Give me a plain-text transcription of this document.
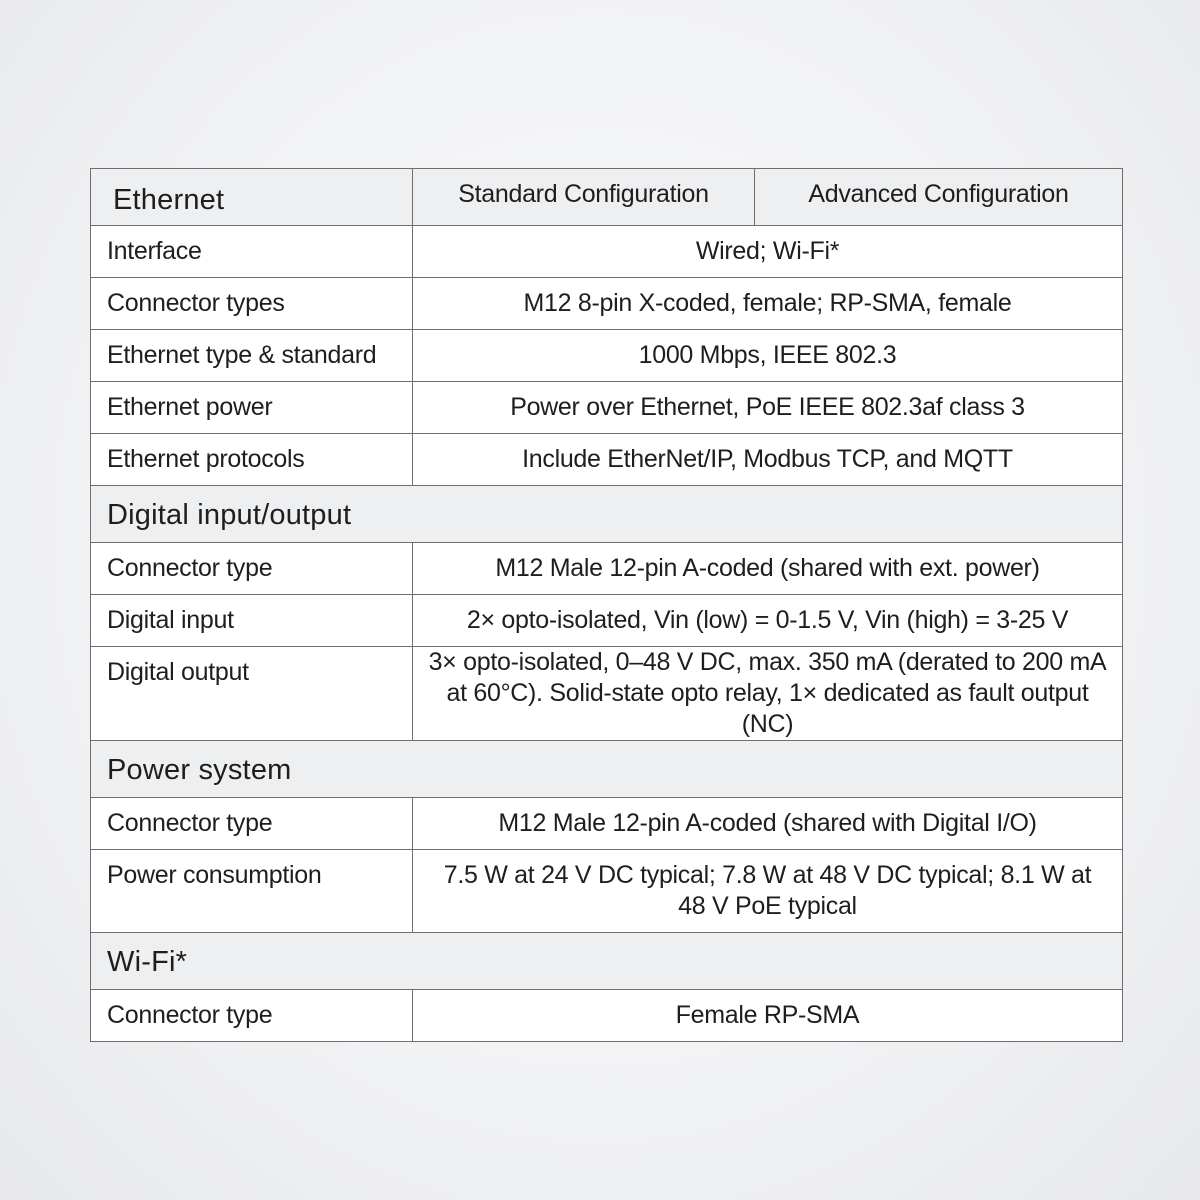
Ethernet	Standard Configuration	Advanced Configuration
Interface	Wired; Wi-Fi*	
Connector types	M12 8-pin X-coded, female; RP-SMA, female	
Ethernet type & standard	1000 Mbps, IEEE 802.3	
Ethernet power	Power over Ethernet, PoE IEEE 802.3af class 3	
Ethernet protocols	Include EtherNet/IP, Modbus TCP, and MQTT	
Digital input/output		
Connector type	M12 Male 12-pin A-coded (shared with ext. power)	
Digital input	2× opto-isolated, Vin (low) = 0-1.5 V, Vin (high) = 3-25 V	
Digital output	3× opto-isolated, 0–48 V DC, max. 350 mA (derated to 200 mA at 60°C). Solid-state opto relay, 1× dedicated as fault output (NC)	
Power system		
Connector type	M12 Male 12-pin A-coded (shared with Digital I/O)	
Power consumption	7.5 W at 24 V DC typical; 7.8 W at 48 V DC typical; 8.1 W at 48 V PoE typical	
Wi-Fi*		
Connector type	Female RP-SMA	
